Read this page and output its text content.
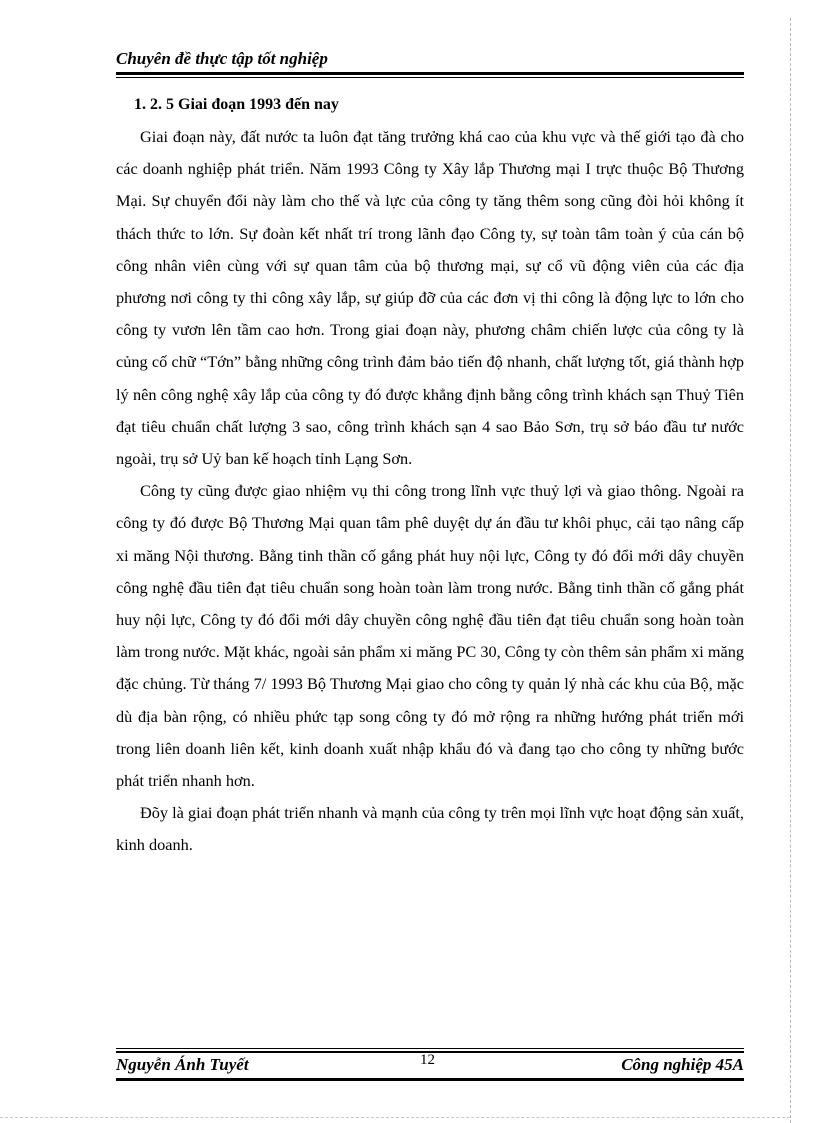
Chuyên đề thực tập tốt nghiệp
1. 2. 5 Giai đoạn 1993 đến nay

Giai đoạn này, đất nước ta luôn đạt tăng trưởng khá cao của khu vực và thế giới tạo đà cho các doanh nghiệp phát triển. Năm 1993 Công ty Xây lắp Thương mại I trực thuộc Bộ Thương Mại. Sự chuyển đổi này làm cho thế và lực của công ty tăng thêm song cũng đòi hỏi không ít thách thức to lớn. Sự đoàn kết nhất trí trong lãnh đạo Công ty, sự toàn tâm toàn ý của cán bộ công nhân viên cùng với sự quan tâm của bộ thương mại, sự cổ vũ động viên của các địa phương nơi công ty thi công xây lắp, sự giúp đỡ của các đơn vị thi công là động lực to lớn cho công ty vươn lên tầm cao hơn. Trong giai đoạn này, phương châm chiến lược của công ty là củng cố chữ “Tớn” bằng những công trình đảm bảo tiến độ nhanh, chất lượng tốt, giá thành hợp lý nên công nghệ xây lắp của công ty đó được khẳng định bằng công trình khách sạn Thuỷ Tiên đạt tiêu chuẩn chất lượng 3 sao, công trình khách sạn 4 sao Bảo Sơn, trụ sở báo đầu tư nước ngoài, trụ sở Uỷ ban kế hoạch tỉnh Lạng Sơn.

Công ty cũng được giao nhiệm vụ thi công trong lĩnh vực thuỷ lợi và giao thông. Ngoài ra công ty đó được Bộ Thương Mại quan tâm phê duyệt dự án đầu tư khôi phục, cải tạo nâng cấp xi măng Nội thương. Bằng tinh thần cố gắng phát huy nội lực, Công ty đó đổi mới dây chuyền công nghệ đầu tiên đạt tiêu chuẩn song hoàn toàn làm trong nước. Bằng tinh thần cố gắng phát huy nội lực, Công ty đó đổi mới dây chuyền công nghệ đầu tiên đạt tiêu chuẩn song hoàn toàn làm trong nước. Mặt khác, ngoài sản phẩm xi măng PC 30, Công ty còn thêm sản phẩm xi măng đặc chủng. Từ tháng 7/ 1993 Bộ Thương Mại giao cho công ty quản lý nhà các khu của Bộ, mặc dù địa bàn rộng, có nhiều phức tạp song công ty đó mở rộng ra những hướng phát triển mới trong liên doanh liên kết, kinh doanh xuất nhập khẩu đó và đang tạo cho công ty những bước phát triển nhanh hơn.

Đõy là giai đoạn phát triển nhanh và mạnh của công ty trên mọi lĩnh vực hoạt động sản xuất, kinh doanh.

Nguyễn Ánh Tuyết	12	Công nghiệp 45A
